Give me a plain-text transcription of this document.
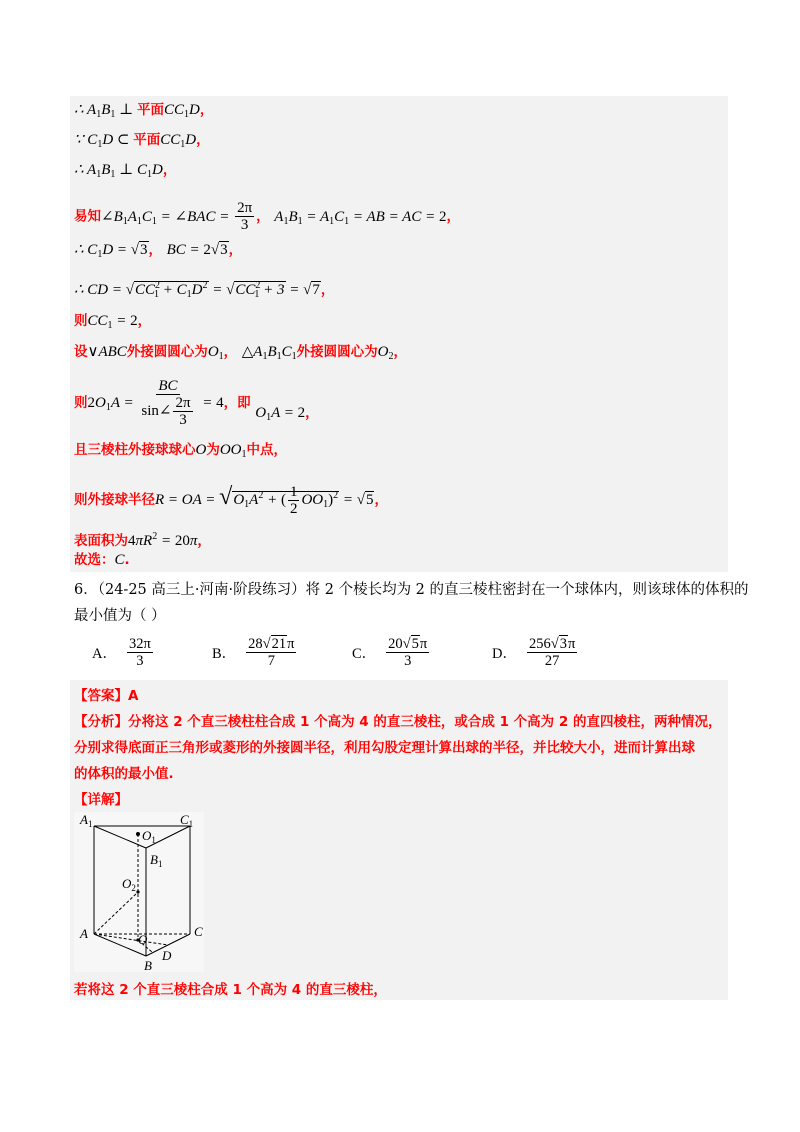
∴ $A_1B_1$ ⊥ 平面$CC_1D$，
∵ $C_1D$ ⊂ 平面$CC_1D$，
∴ $A_1B_1$ ⊥ $C_1D$，
易知$\angle B_1A_1C_1$ = ∠BAC = $\frac{2\pi}{3}$ ， $A_1B_1 = A_1C_1$ = AB = AC = 2，
∴ $C_1D = √3$， BC = 2√3，
∴ CD = $√CC^2_1 + C_1D^2 = √CC^2_1 + 3 = √7$，
则$CC_1 = 2$，
设∨ABC外接圆圆心为$O_1$， $\triangle A_1B_1C_1$外接圆圆心为$O_2$，
则$2O_1A = \frac{BC}{\sin\angle \frac{2\pi}{3}} = 4$，即 $O_1A = 2$，
且三棱柱外接球球心O为$OO_1$中点，
则外接球半径R = OA = $√O_1A^2$ + ( $\frac{1}{2} OO_1)^2 = √5$，
表面积为$4\pi R^2 = 20\pi$，
故选：C.
6．（24-25 高三上·河南·阶段练习）将 2 个棱长均为 2 的直三棱柱密封在一个球体内，则该球体的体积的
最小值为（ ）
A． $\frac{32\pi}{3}$	B． $\frac{28√21\pi}{7}$	C． $\frac{20√5\pi}{3}$	D． $\frac{256√3\pi}{27}$
【答案】A
【分析】分将这 2 个直三棱柱柱合成 1 个高为 4 的直三棱柱，或合成 1 个高为 2 的直四棱柱，两种情况，
分别求得底面正三角形或菱形的外接圆半径，利用勾股定理计算出球的半径，并比较大小，进而计算出球
的体积的最小值.
【详解】
$A_1$	$C_1$
$O_1$
$B_1$
$O_2$
A	C
O
D
B
若将这 2 个直三棱柱合成 1 个高为 4 的直三棱柱，
